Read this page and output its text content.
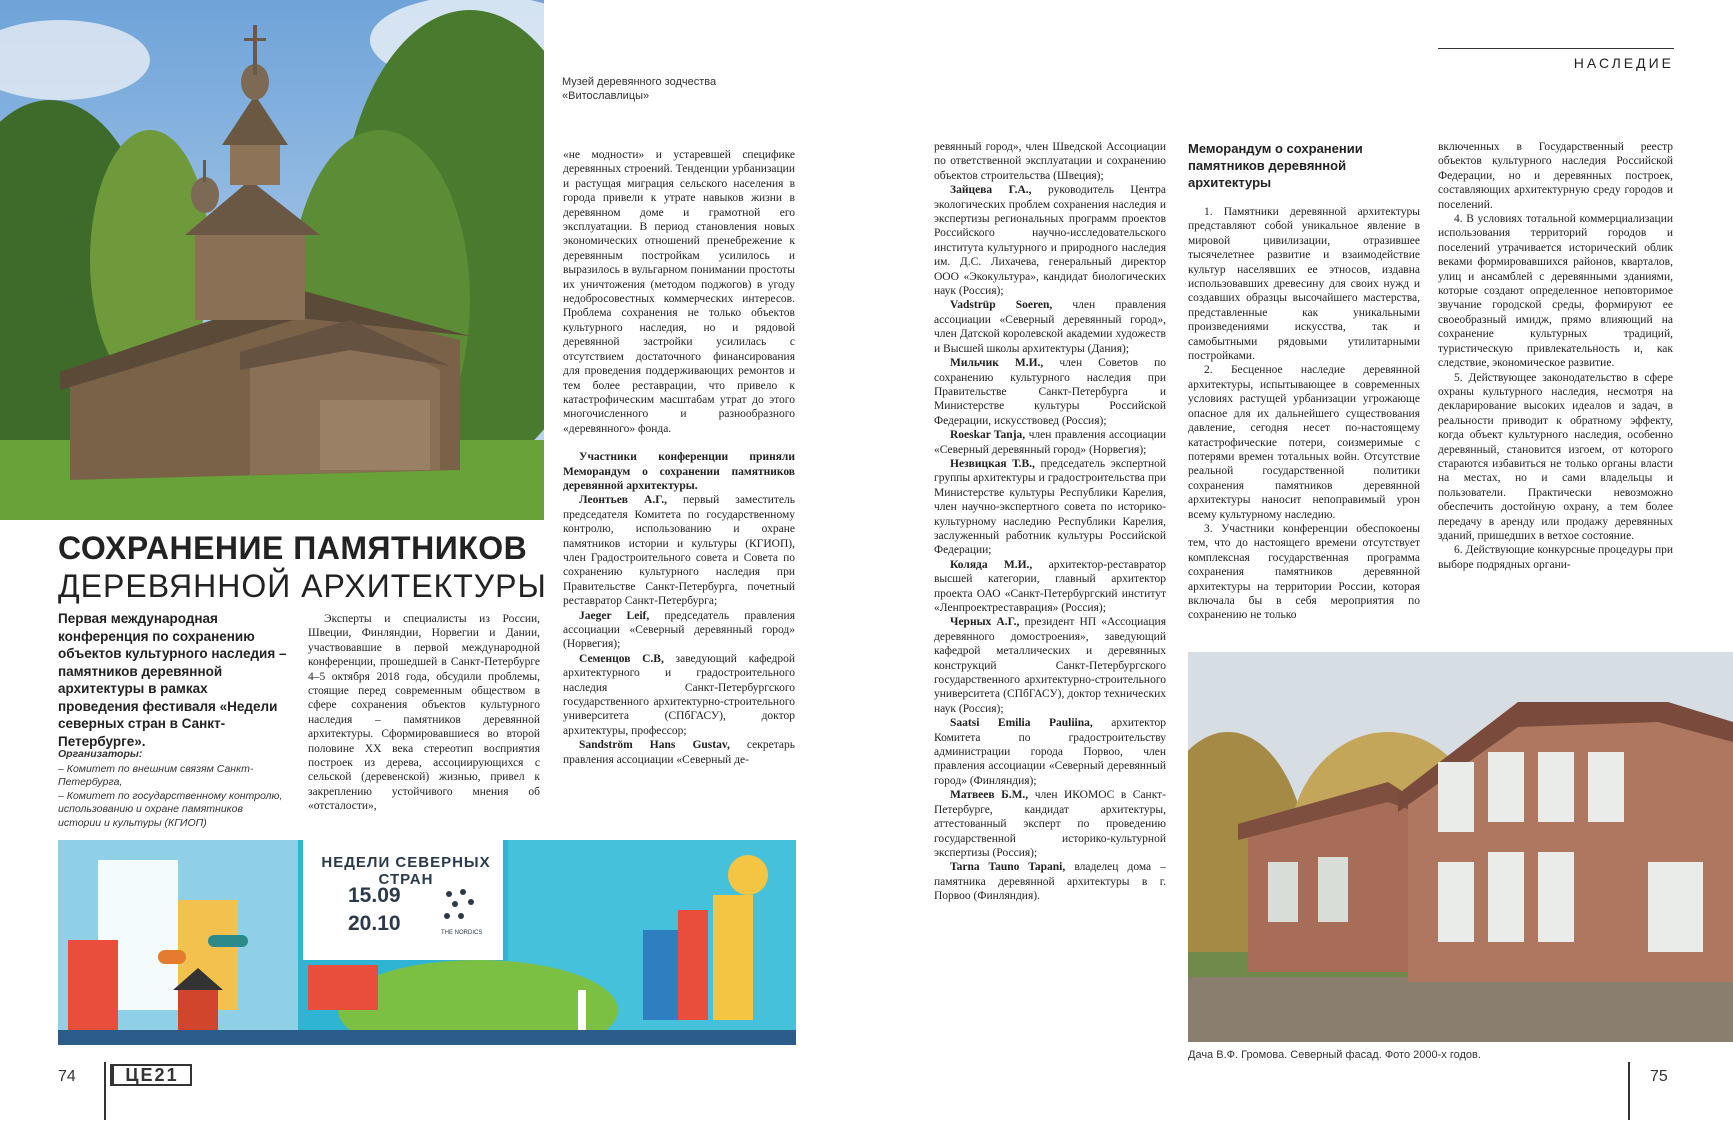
Музей деревянного зодчества «Витославлицы»
НАСЛЕДИЕ
СОХРАНЕНИЕ ПАМЯТНИКОВ
ДЕРЕВЯННОЙ АРХИТЕКТУРЫ
Первая международная конференция по сохранению объектов культурного наследия – памятников деревянной архитектуры в рамках проведения фестиваля «Недели северных стран в Санкт-Петербурге».
Организаторы:
– Комитет по внешним связям Санкт-Петербурга,
– Комитет по государственному контролю, использованию и охране памятников истории и культуры (КГИОП)

Эксперты и специалисты из России, Швеции, Финляндии, Норвегии и Дании, участвовавшие в первой международной конференции, прошедшей в Санкт-Петербурге 4–5 октября 2018 года, обсудили проблемы, стоящие перед современным обществом в сфере сохранения объектов культурного наследия – памятников деревянной архитектуры. Сформировавшиеся во второй половине XX века стереотип восприятия построек из дерева, ассоциирующихся с сельской (деревенской) жизнью, привел к закреплению устойчивого мнения об «отсталости»,

«не модности» и устаревшей специфике деревянных строений. Тенденции урбанизации и растущая миграция сельского населения в города привели к утрате навыков жизни в деревянном доме и грамотной его эксплуатации. В период становления новых экономических отношений пренебрежение к деревянным постройкам усилилось и выразилось в вульгарном понимании простоты их уничтожения (методом поджогов) в угоду недобросовестных коммерческих интересов. Проблема сохранения не только объектов культурного наследия, но и рядовой деревянной застройки усилилась с отсутствием достаточного финансирования для проведения поддерживающих ремонтов и тем более реставрации, что привело к катастрофическим масштабам утрат до этого многочисленного и разнообразного «деревянного» фонда.

Участники конференции приняли Меморандум о сохранении памятников деревянной архитектуры.

Леонтьев А.Г., первый заместитель председателя Комитета по государственному контролю, использованию и охране памятников истории и культуры (КГИОП), член Градостроительного совета и Совета по сохранению культурного наследия при Правительстве Санкт-Петербурга, почетный реставратор Санкт-Петербурга;

Jaeger Leif, председатель правления ассоциации «Северный деревянный город» (Норвегия);

Семенцов С.В, заведующий кафедрой архитектурного и градостроительного наследия Санкт-Петербургского государственного архитектурно-строительного университета (СПбГАСУ), доктор архитектуры, профессор;

Sandström Hans Gustav, секретарь правления ассоциации «Северный де-

НЕДЕЛИ СЕВЕРНЫХ СТРАН
15.09
20.10	THE NORDICS

ревянный город», член Шведской Ассоциации по ответственной эксплуатации и сохранению объектов строительства (Швеция);

Зайцева Г.А., руководитель Центра экологических проблем сохранения наследия и экспертизы региональных программ проектов Российского научно-исследовательского института культурного и природного наследия им. Д.С. Лихачева, генеральный директор ООО «Экокультура», кандидат биологических наук (Россия);

Vadstrüp Soeren, член правления ассоциации «Северный деревянный город», член Датской королевской академии художеств и Высшей школы архитектуры (Дания);

Мильчик М.И., член Советов по сохранению культурного наследия при Правительстве Санкт-Петербурга и Министерстве культуры Российской Федерации, искусствовед (Россия);

Roeskar Tanja, член правления ассоциации «Северный деревянный город» (Норвегия);

Незвицкая Т.В., председатель экспертной группы архитектуры и градостроительства при Министерстве культуры Республики Карелия, член научно-экспертного совета по историко-культурному наследию Республики Карелия, заслуженный работник культуры Российской Федерации;

Коляда М.И., архитектор-реставратор высшей категории, главный архитектор проекта ОАО «Санкт-Петербургский институт «Ленпроектреставрация» (Россия);

Черных А.Г., президент НП «Ассоциация деревянного домостроения», заведующий кафедрой металлических и деревянных конструкций Санкт-Петербургского государственного архитектурно-строительного университета (СПбГАСУ), доктор технических наук (Россия);

Saatsi Emilia Pauliina, архитектор Комитета по градостроительству администрации города Порвоо, член правления ассоциации «Северный деревянный город» (Финляндия);

Матвеев Б.М., член ИКОМОС в Санкт-Петербурге, кандидат архитектуры, аттестованный эксперт по проведению государственной историко-культурной экспертизы (Россия);

Tarna Tauno Tapani, владелец дома – памятника деревянной архитектуры в г. Порвоо (Финляндия).

Меморандум о сохранении памятников деревянной архитектуры

1. Памятники деревянной архитектуры представляют собой уникальное явление в мировой цивилизации, отразившее тысячелетнее развитие и взаимодействие культур населявших ее этносов, издавна использовавших древесину для своих нужд и создавших образцы высочайшего мастерства, представленные как уникальными произведениями искусства, так и самобытными рядовыми утилитарными постройками.

2. Бесценное наследие деревянной архитектуры, испытывающее в современных условиях растущей урбанизации угрожающе опасное для их дальнейшего существования давление, сегодня несет по-настоящему катастрофические потери, соизмеримые с потерями времен тотальных войн. Отсутствие реальной государственной политики сохранения памятников деревянной архитектуры наносит непоправимый урон всему культурному наследию.

3. Участники конференции обеспокоены тем, что до настоящего времени отсутствует комплексная государственная программа сохранения памятников деревянной архитектуры на территории России, которая включала бы в себя мероприятия по сохранению не только

включенных в Государственный реестр объектов культурного наследия Российской Федерации, но и деревянных построек, составляющих архитектурную среду городов и поселений.

4. В условиях тотальной коммерциализации использования территорий городов и поселений утрачивается исторический облик веками формировавшихся районов, кварталов, улиц и ансамблей с деревянными зданиями, которые создают определенное неповторимое звучание городской среды, формируют ее своеобразный имидж, прямо влияющий на сохранение культурных традиций, туристическую привлекательность и, как следствие, экономическое развитие.

5. Действующее законодательство в сфере охраны культурного наследия, несмотря на декларирование высоких идеалов и задач, в реальности приводит к обратному эффекту, когда объект культурного наследия, особенно деревянный, становится изгоем, от которого стараются избавиться не только органы власти на местах, но и сами владельцы и пользователи. Практически невозможно обеспечить достойную охрану, а тем более передачу в аренду или продажу деревянных зданий, пришедших в ветхое состояние.

6. Действующие конкурсные процедуры при выборе подрядных органи-

Дача В.Ф. Громова. Северный фасад. Фото 2000-х годов.
74	ЦЕ21	75
